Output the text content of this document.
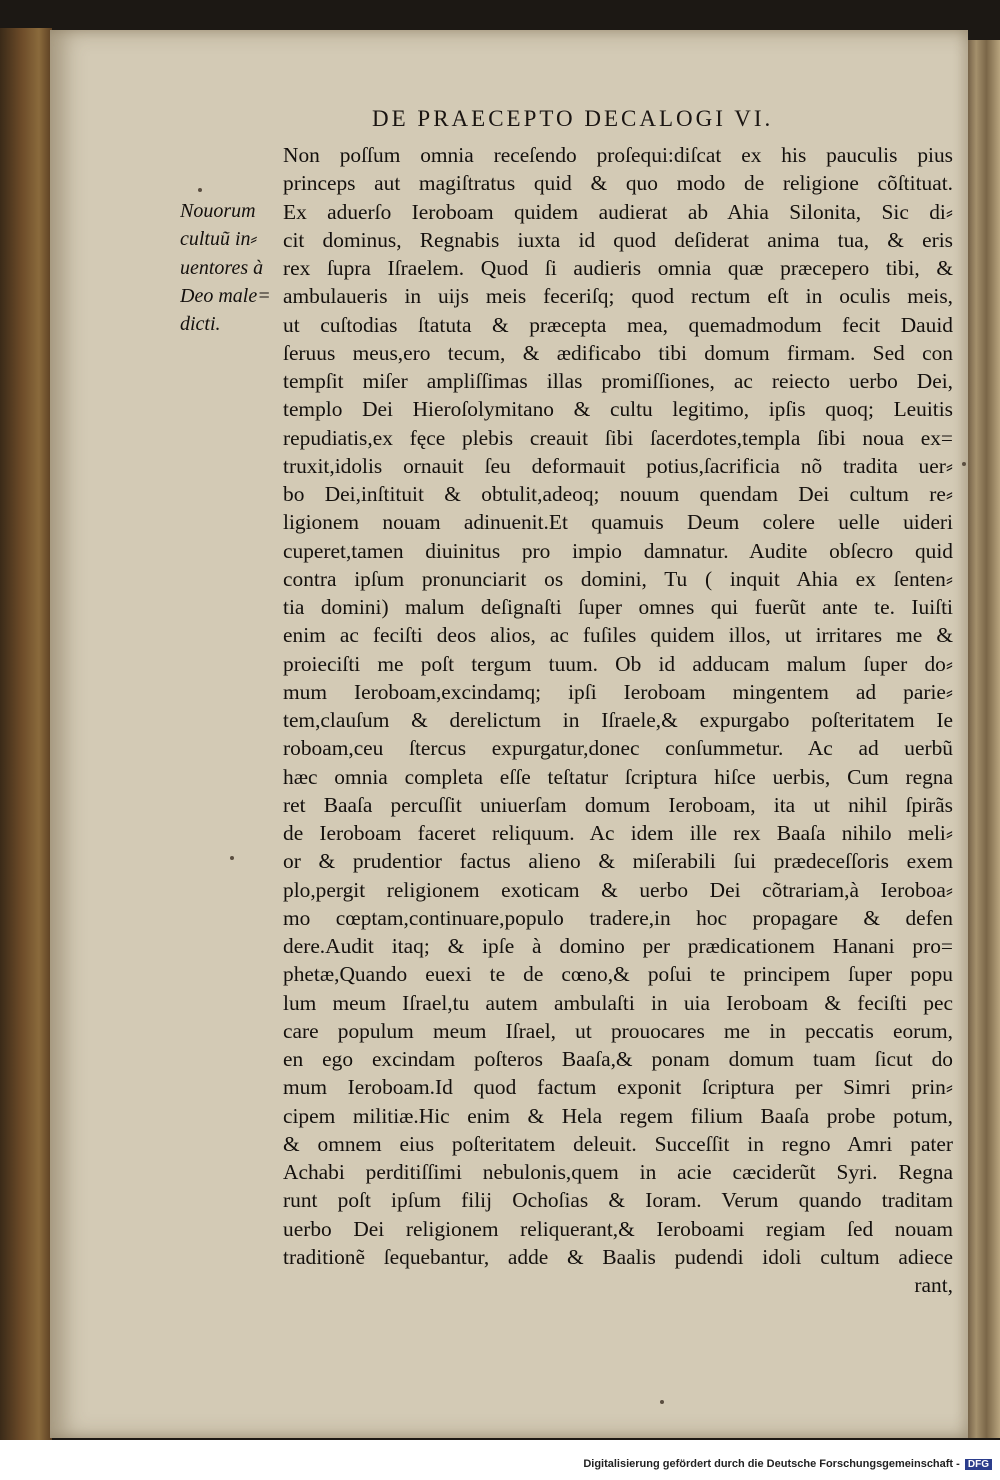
DE PRAECEPTO DECALOGI VI.
Nouorum
cultuũ in⸗
uentores à
Deo male=
dicti.
Non poſſum omnia receſendo proſequi:diſcat ex his pauculis pius
princeps aut magiſtratus quid & quo modo de religione cõſtituat.
Ex aduerſo Ieroboam quidem audierat ab Ahia Silonita, Sic di⸗
cit dominus, Regnabis iuxta id quod deſiderat anima tua, & eris
rex ſupra Iſraelem. Quod ſi audieris omnia quæ præcepero tibi, &
ambulaueris in uijs meis feceriſq; quod rectum eſt in oculis meis,
ut cuſtodias ſtatuta & præcepta mea, quemadmodum fecit Dauid
ſeruus meus,ero tecum, & ædificabo tibi domum firmam. Sed con
tempſit miſer ampliſſimas illas promiſſiones, ac reiecto uerbo Dei,
templo Dei Hieroſolymitano & cultu legitimo, ipſis quoq; Leuitis
repudiatis,ex fęce plebis creauit ſibi ſacerdotes,templa ſibi noua ex=
truxit,idolis ornauit ſeu deformauit potius,ſacrificia nõ tradita uer⸗
bo Dei,inſtituit & obtulit,adeoq; nouum quendam Dei cultum re⸗
ligionem nouam adinuenit.Et quamuis Deum colere uelle uideri
cuperet,tamen diuinitus pro impio damnatur. Audite obſecro quid
contra ipſum pronunciarit os domini, Tu ( inquit Ahia ex ſenten⸗
tia domini) malum deſignaſti ſuper omnes qui fuerũt ante te. Iuiſti
enim ac feciſti deos alios, ac fuſiles quidem illos, ut irritares me &
proieciſti me poſt tergum tuum. Ob id adducam malum ſuper do⸗
mum Ieroboam,excindamq; ipſi Ieroboam mingentem ad parie⸗
tem,clauſum & derelictum in Iſraele,& expurgabo poſteritatem Ie
roboam,ceu ſtercus expurgatur,donec conſummetur. Ac ad uerbũ
hæc omnia completa eſſe teſtatur ſcriptura hiſce uerbis, Cum regna
ret Baaſa percuſſit uniuerſam domum Ieroboam, ita ut nihil ſpirãs
de Ieroboam faceret reliquum. Ac idem ille rex Baaſa nihilo meli⸗
or & prudentior factus alieno & miſerabili ſui prædeceſſoris exem
plo,pergit religionem exoticam & uerbo Dei cõtrariam,à Ieroboa⸗
mo cœptam,continuare,populo tradere,in hoc propagare & defen
dere.Audit itaq; & ipſe à domino per prædicationem Hanani pro=
phetæ,Quando euexi te de cœno,& poſui te principem ſuper popu
lum meum Iſrael,tu autem ambulaſti in uia Ieroboam & feciſti pec
care populum meum Iſrael, ut prouocares me in peccatis eorum,
en ego excindam poſteros Baaſa,& ponam domum tuam ſicut do
mum Ieroboam.Id quod factum exponit ſcriptura per Simri prin⸗
cipem militiæ.Hic enim & Hela regem filium Baaſa probe potum,
& omnem eius poſteritatem deleuit. Succeſſit in regno Amri pater
Achabi perditiſſimi nebulonis,quem in acie cæciderũt Syri. Regna
runt poſt ipſum filij Ochoſias & Ioram. Verum quando traditam
uerbo Dei religionem reliquerant,& Ieroboami regiam ſed nouam
traditionẽ ſequebantur, adde & Baalis pudendi idoli cultum adiece
rant,
Digitalisierung gefördert durch die Deutsche Forschungsgemeinschaft - DFG
